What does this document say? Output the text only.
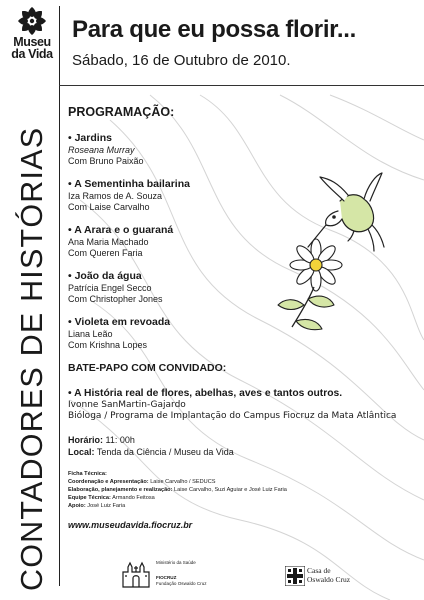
Museu
da Vida
CONTADORES DE HISTÓRIAS
Para que eu possa florir...
Sábado, 16 de Outubro de 2010.
PROGRAMAÇÃO:
• Jardins
Roseana Murray
Com Bruno Paixão
• A Sementinha bailarina
Iza Ramos de A. Souza
Com Laise Carvalho
• A Arara e o guaraná
Ana Maria Machado
Com Queren Faria
• João da água
Patrícia Engel Secco
Com Christopher Jones
• Violeta em revoada
Liana Leão
Com Krishna Lopes
BATE-PAPO COM CONVIDADO:
• A História real de flores, abelhas, aves e tantos outros.
Ivonne SanMartin-Gajardo
Bióloga / Programa de Implantação do Campus Fiocruz da Mata Atlântica
Horário: 11: 00h
Local: Tenda da Ciência / Museu da Vida
Ficha Técnica:
Coordenação e Apresentação: Laise Carvalho / SEDUCS
Elaboração, planejamento e realização: Laise Carvalho, Suzi Aguiar e José Luiz Faria
Equipe Técnica: Armando Feitosa
Apoio: José Luiz Faria
www.museudavida.fiocruz.br
Ministério da Saúde
FIOCRUZ
Fundação Oswaldo Cruz
Casa de
Oswaldo Cruz
